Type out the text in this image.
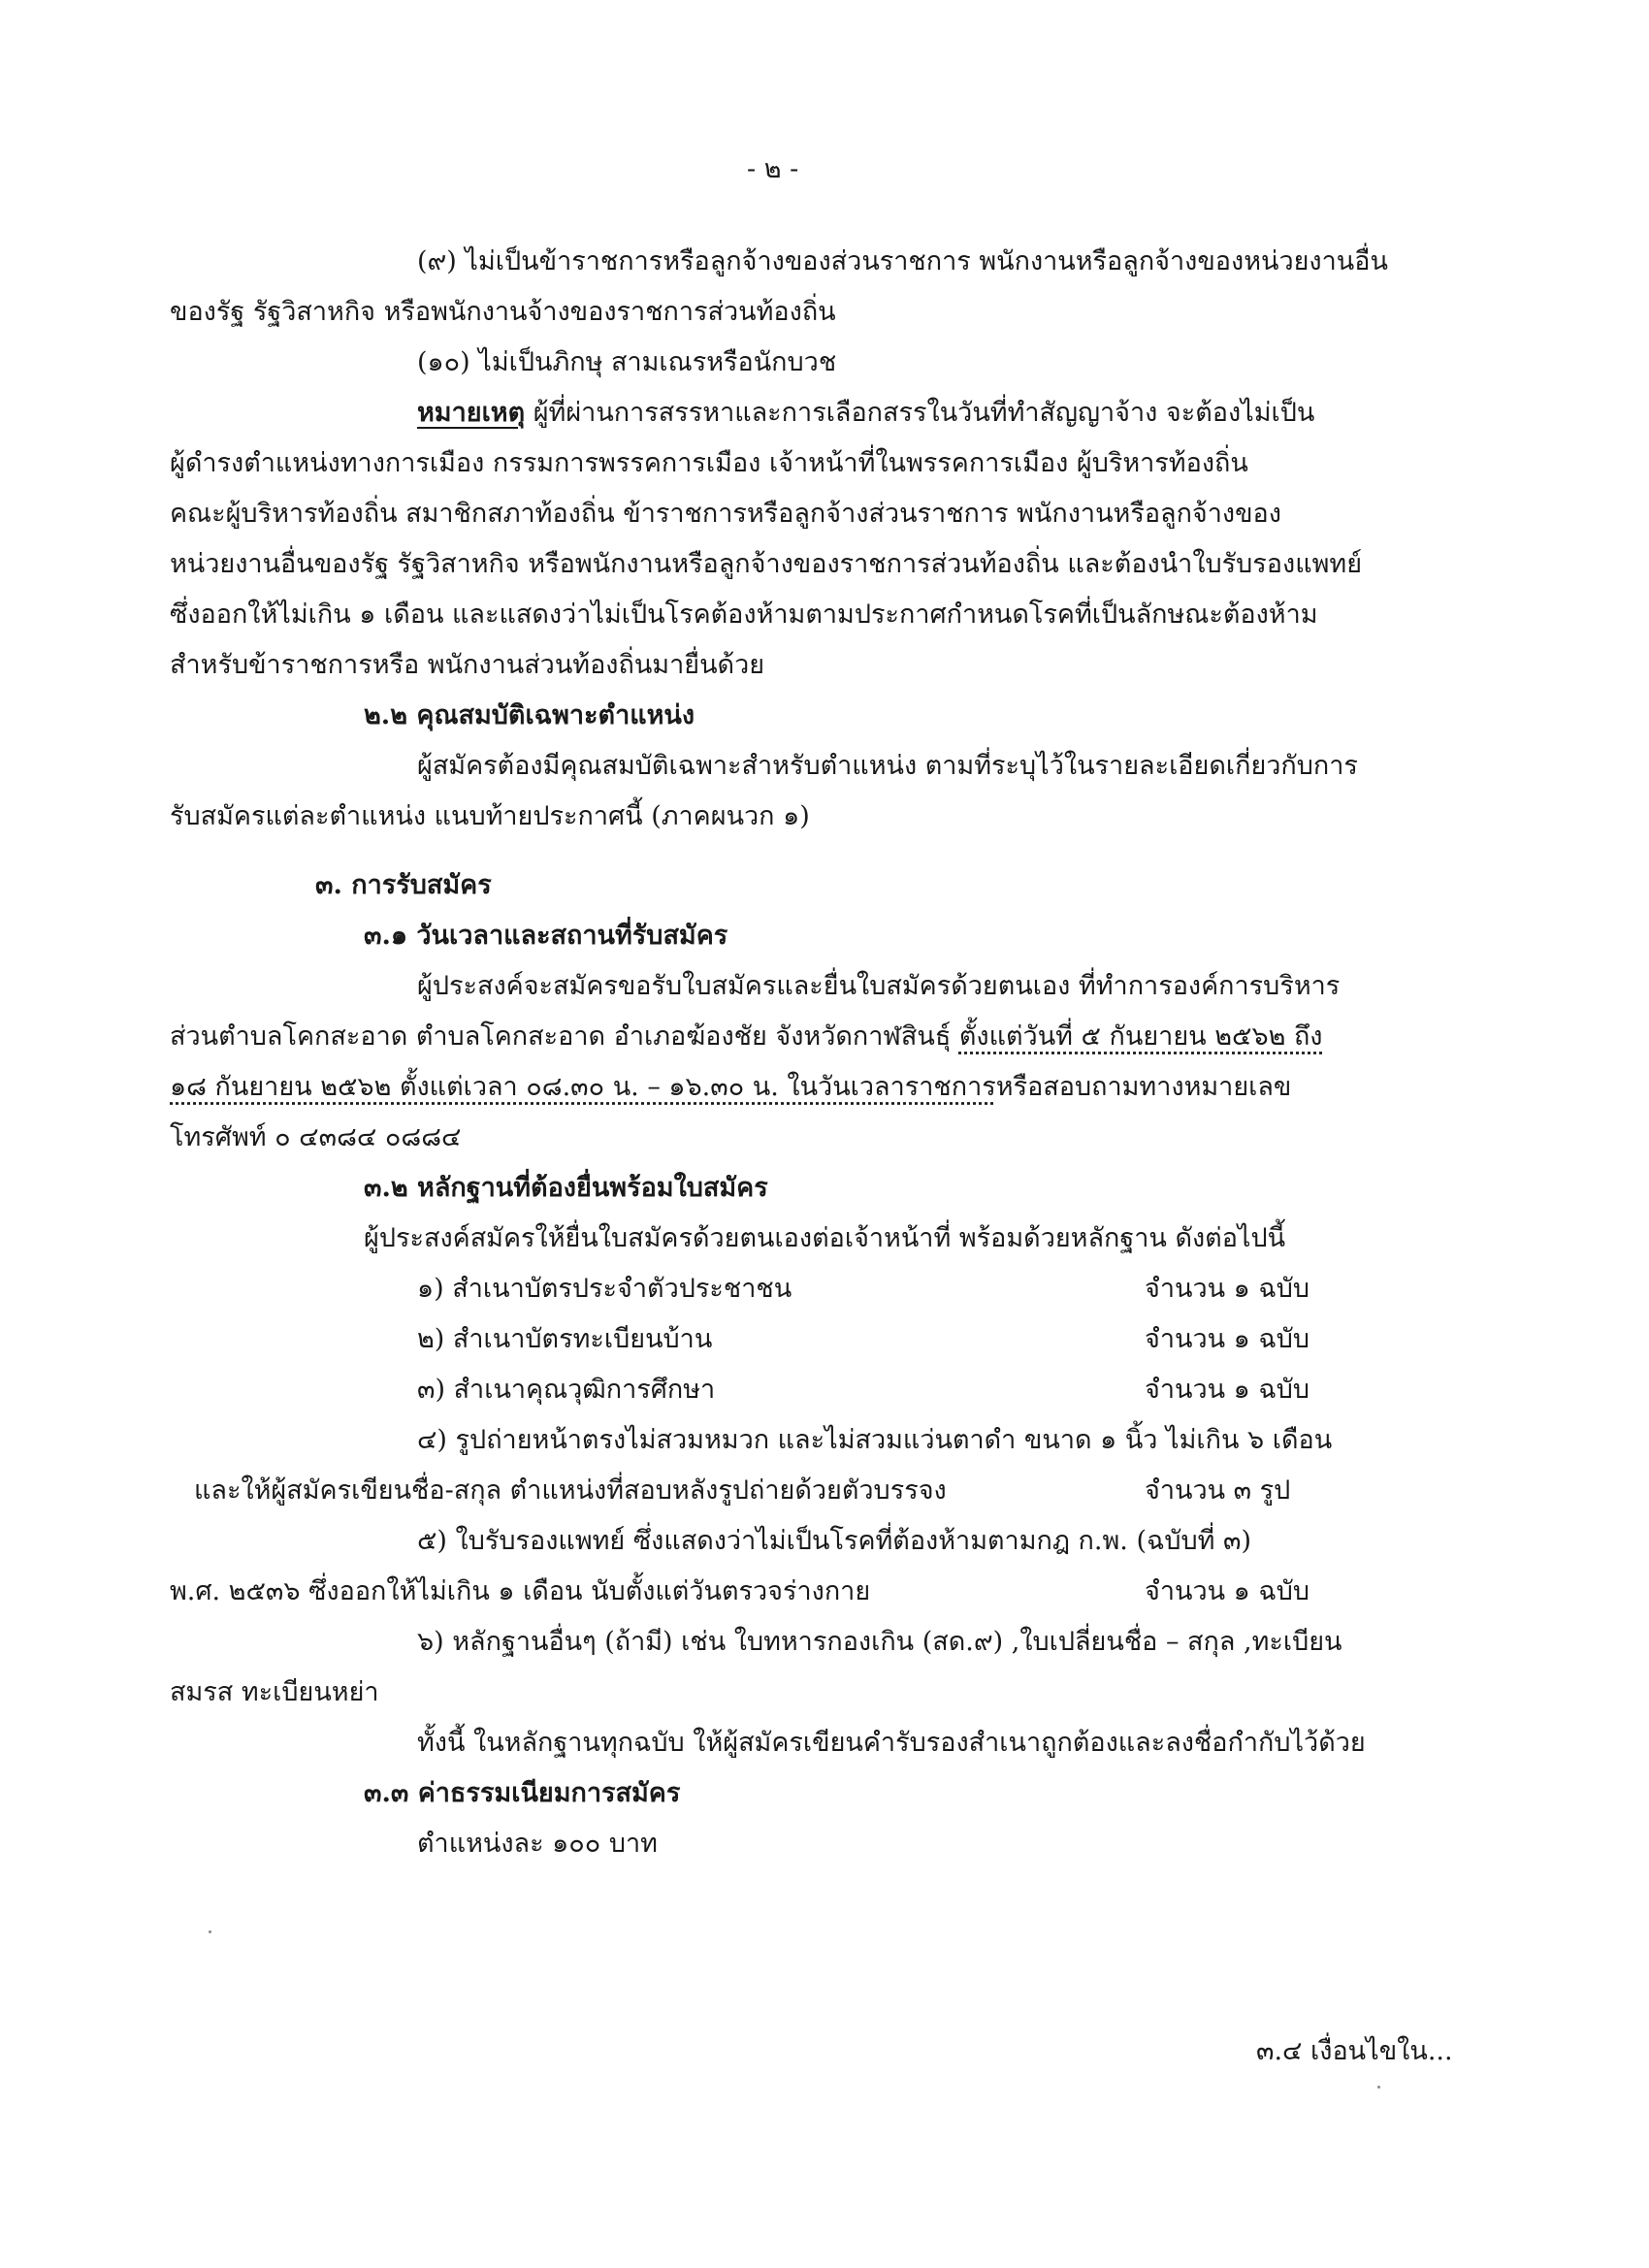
- ๒ -
(๙) ไม่เป็นข้าราชการหรือลูกจ้างของส่วนราชการ พนักงานหรือลูกจ้างของหน่วยงานอื่น
ของรัฐ รัฐวิสาหกิจ หรือพนักงานจ้างของราชการส่วนท้องถิ่น
(๑๐) ไม่เป็นภิกษุ สามเณรหรือนักบวช
หมายเหตุ ผู้ที่ผ่านการสรรหาและการเลือกสรรในวันที่ทำสัญญาจ้าง จะต้องไม่เป็น
ผู้ดำรงตำแหน่งทางการเมือง กรรมการพรรคการเมือง เจ้าหน้าที่ในพรรคการเมือง ผู้บริหารท้องถิ่น
คณะผู้บริหารท้องถิ่น สมาชิกสภาท้องถิ่น ข้าราชการหรือลูกจ้างส่วนราชการ พนักงานหรือลูกจ้างของ
หน่วยงานอื่นของรัฐ รัฐวิสาหกิจ หรือพนักงานหรือลูกจ้างของราชการส่วนท้องถิ่น และต้องนำใบรับรองแพทย์
ซึ่งออกให้ไม่เกิน ๑ เดือน และแสดงว่าไม่เป็นโรคต้องห้ามตามประกาศกำหนดโรคที่เป็นลักษณะต้องห้าม
สำหรับข้าราชการหรือ พนักงานส่วนท้องถิ่นมายื่นด้วย
๒.๒ คุณสมบัติเฉพาะตำแหน่ง
ผู้สมัครต้องมีคุณสมบัติเฉพาะสำหรับตำแหน่ง ตามที่ระบุไว้ในรายละเอียดเกี่ยวกับการ
รับสมัครแต่ละตำแหน่ง แนบท้ายประกาศนี้ (ภาคผนวก ๑)
๓. การรับสมัคร
๓.๑ วันเวลาและสถานที่รับสมัคร
ผู้ประสงค์จะสมัครขอรับใบสมัครและยื่นใบสมัครด้วยตนเอง ที่ทำการองค์การบริหาร
ส่วนตำบลโคกสะอาด ตำบลโคกสะอาด อำเภอฆ้องชัย จังหวัดกาฬสินธุ์ ตั้งแต่วันที่ ๕ กันยายน ๒๕๖๒ ถึง
๑๘ กันยายน ๒๕๖๒ ตั้งแต่เวลา ๐๘.๓๐ น. – ๑๖.๓๐ น. ในวันเวลาราชการหรือสอบถามทางหมายเลข
โทรศัพท์ ๐ ๔๓๘๔ ๐๘๘๔
๓.๒ หลักฐานที่ต้องยื่นพร้อมใบสมัคร
ผู้ประสงค์สมัครให้ยื่นใบสมัครด้วยตนเองต่อเจ้าหน้าที่ พร้อมด้วยหลักฐาน ดังต่อไปนี้
๑) สำเนาบัตรประจำตัวประชาชน	จำนวน ๑ ฉบับ
๒) สำเนาบัตรทะเบียนบ้าน	จำนวน ๑ ฉบับ
๓) สำเนาคุณวุฒิการศึกษา	จำนวน ๑ ฉบับ
๔) รูปถ่ายหน้าตรงไม่สวมหมวก และไม่สวมแว่นตาดำ ขนาด ๑ นิ้ว ไม่เกิน ๖ เดือน
และให้ผู้สมัครเขียนชื่อ-สกุล ตำแหน่งที่สอบหลังรูปถ่ายด้วยตัวบรรจง	จำนวน ๓ รูป
๕) ใบรับรองแพทย์ ซึ่งแสดงว่าไม่เป็นโรคที่ต้องห้ามตามกฎ ก.พ. (ฉบับที่ ๓)
พ.ศ. ๒๕๓๖ ซึ่งออกให้ไม่เกิน ๑ เดือน นับตั้งแต่วันตรวจร่างกาย	จำนวน ๑ ฉบับ
๖) หลักฐานอื่นๆ (ถ้ามี) เช่น ใบทหารกองเกิน (สด.๙) ,ใบเปลี่ยนชื่อ – สกุล ,ทะเบียน
สมรส ทะเบียนหย่า
ทั้งนี้ ในหลักฐานทุกฉบับ ให้ผู้สมัครเขียนคำรับรองสำเนาถูกต้องและลงชื่อกำกับไว้ด้วย
๓.๓ ค่าธรรมเนียมการสมัคร
ตำแหน่งละ ๑๐๐ บาท
๓.๔ เงื่อนไขใน...
